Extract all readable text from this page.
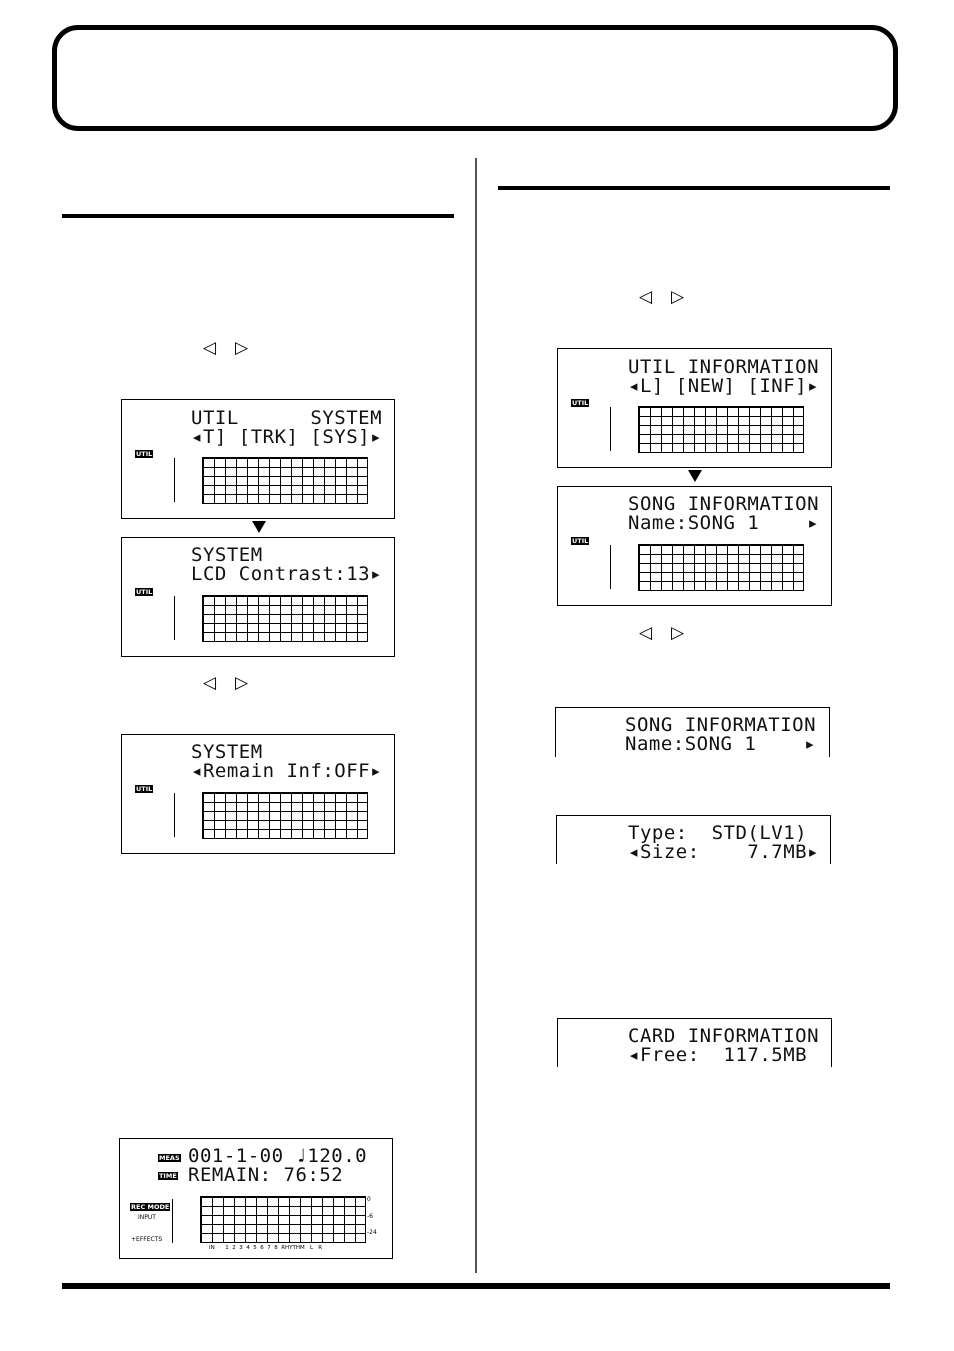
◁ ▷
◁ ▷
◁ ▷
◁ ▷
UTIL      SYSTEM
◂T] [TRK] [SYS]▸
UTIL
SYSTEM
LCD Contrast:13▸
UTIL
SYSTEM
◂Remain Inf:OFF▸
UTIL
001-1-00 ♩120.0
REMAIN: 76:52
MEAS
TIME
REC MODE
INPUT
+EFFECTS
0
-6
-24
IN      1  2  3  4  5  6  7  8  RHYTHM   L   R
UTIL INFORMATION
◂L] [NEW] [INF]▸
UTIL
SONG INFORMATION
Name:SONG 1    ▸
UTIL
SONG INFORMATION
Name:SONG 1    ▸
Type:  STD(LV1)
◂Size:    7.7MB▸
CARD INFORMATION
◂Free:  117.5MB
